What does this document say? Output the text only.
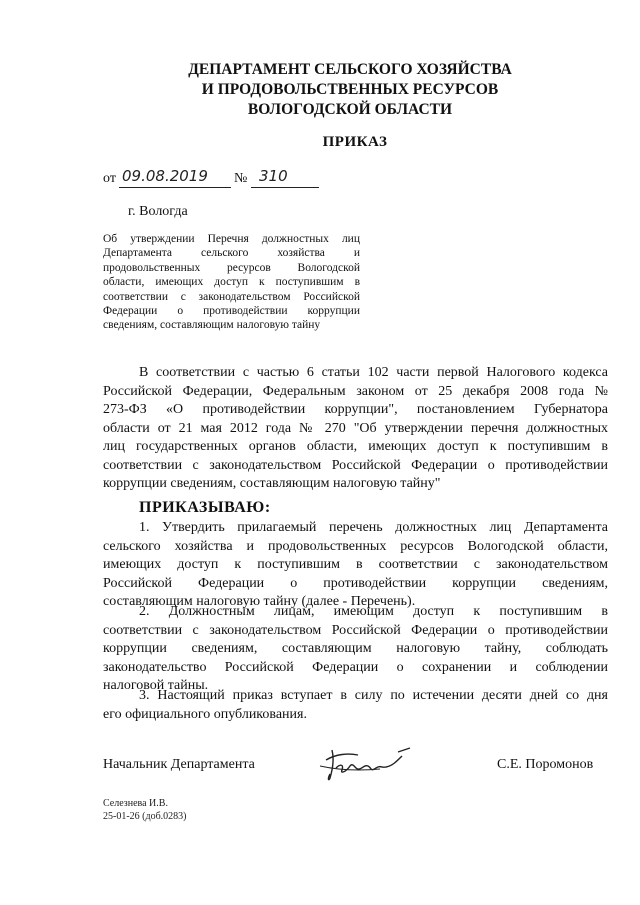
ДЕПАРТАМЕНТ СЕЛЬСКОГО ХОЗЯЙСТВА
И ПРОДОВОЛЬСТВЕННЫХ РЕСУРСОВ
ВОЛОГОДСКОЙ ОБЛАСТИ
ПРИКАЗ
от 09.08.2019 № 310
г. Вологда
Об утверждении Перечня должностных лиц
Департамента сельского хозяйства и
продовольственных ресурсов Вологодской
области, имеющих доступ к поступившим в
соответствии с законодательством Российской
Федерации о противодействии коррупции
сведениям, составляющим налоговую тайну
В соответствии с частью 6 статьи 102 части первой Налогового кодекса
Российской Федерации, Федеральным законом от 25 декабря 2008 года №
273-ФЗ «О противодействии коррупции", постановлением Губернатора
области от 21 мая 2012 года № 270 "Об утверждении перечня должностных
лиц государственных органов области, имеющих доступ к поступившим в
соответствии с законодательством Российской Федерации о противодействии
коррупции сведениям, составляющим налоговую тайну"
ПРИКАЗЫВАЮ:
1. Утвердить прилагаемый перечень должностных лиц Департамента
сельского хозяйства и продовольственных ресурсов Вологодской области,
имеющих доступ к поступившим в соответствии с законодательством
Российской Федерации о противодействии коррупции сведениям,
составляющим налоговую тайну (далее - Перечень).
2. Должностным лицам, имеющим доступ к поступившим в
соответствии с законодательством Российской Федерации о противодействии
коррупции сведениям, составляющим налоговую тайну, соблюдать
законодательство Российской Федерации о сохранении и соблюдении
налоговой тайны.
3. Настоящий приказ вступает в силу по истечении десяти дней со дня
его официального опубликования.
Начальник Департамента	С.Е. Поромонов
Селезнева И.В.
25-01-26 (доб.0283)
